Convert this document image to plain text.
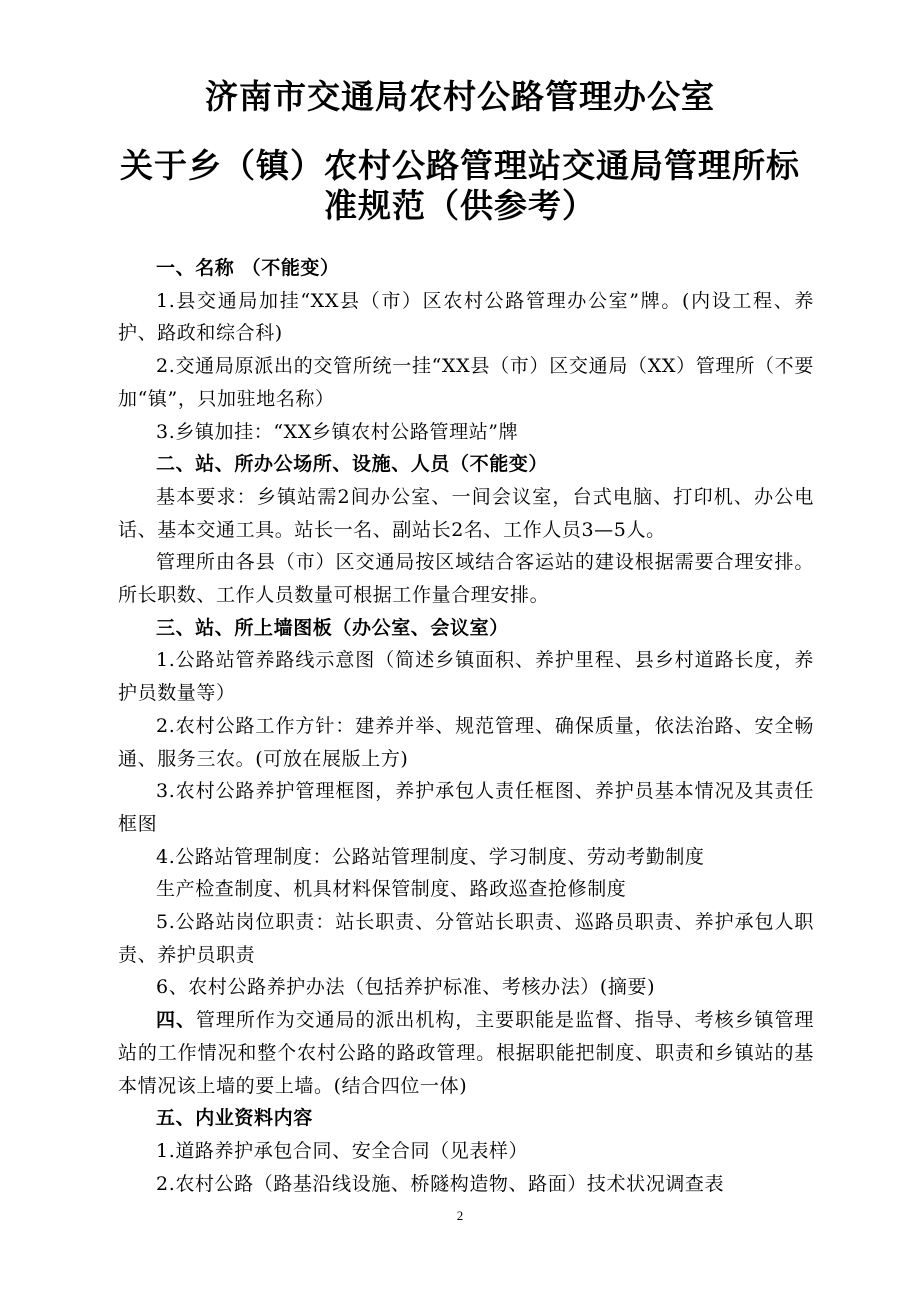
济南市交通局农村公路管理办公室
关于乡（镇）农村公路管理站交通局管理所标准规范（供参考）

一、名称 （不能变）

1.县交通局加挂“XX县（市）区农村公路管理办公室”牌。(内设工程、养护、路政和综合科)

2.交通局原派出的交管所统一挂“XX县（市）区交通局（XX）管理所（不要加“镇”，只加驻地名称）

3.乡镇加挂：“XX乡镇农村公路管理站”牌

二、站、所办公场所、设施、人员（不能变）

基本要求：乡镇站需2间办公室、一间会议室，台式电脑、打印机、办公电话、基本交通工具。站长一名、副站长2名、工作人员3—5人。

管理所由各县（市）区交通局按区域结合客运站的建设根据需要合理安排。所长职数、工作人员数量可根据工作量合理安排。

三、站、所上墙图板（办公室、会议室）

1.公路站管养路线示意图（简述乡镇面积、养护里程、县乡村道路长度，养护员数量等）

2.农村公路工作方针：建养并举、规范管理、确保质量，依法治路、安全畅通、服务三农。(可放在展版上方)

3.农村公路养护管理框图，养护承包人责任框图、养护员基本情况及其责任框图

4.公路站管理制度：公路站管理制度、学习制度、劳动考勤制度

生产检查制度、机具材料保管制度、路政巡查抢修制度

5.公路站岗位职责：站长职责、分管站长职责、巡路员职责、养护承包人职责、养护员职责

6、农村公路养护办法（包括养护标准、考核办法）(摘要)

四、管理所作为交通局的派出机构，主要职能是监督、指导、考核乡镇管理站的工作情况和整个农村公路的路政管理。根据职能把制度、职责和乡镇站的基本情况该上墙的要上墙。(结合四位一体)

五、内业资料内容

1.道路养护承包合同、安全合同（见表样）

2.农村公路（路基沿线设施、桥隧构造物、路面）技术状况调查表

2
